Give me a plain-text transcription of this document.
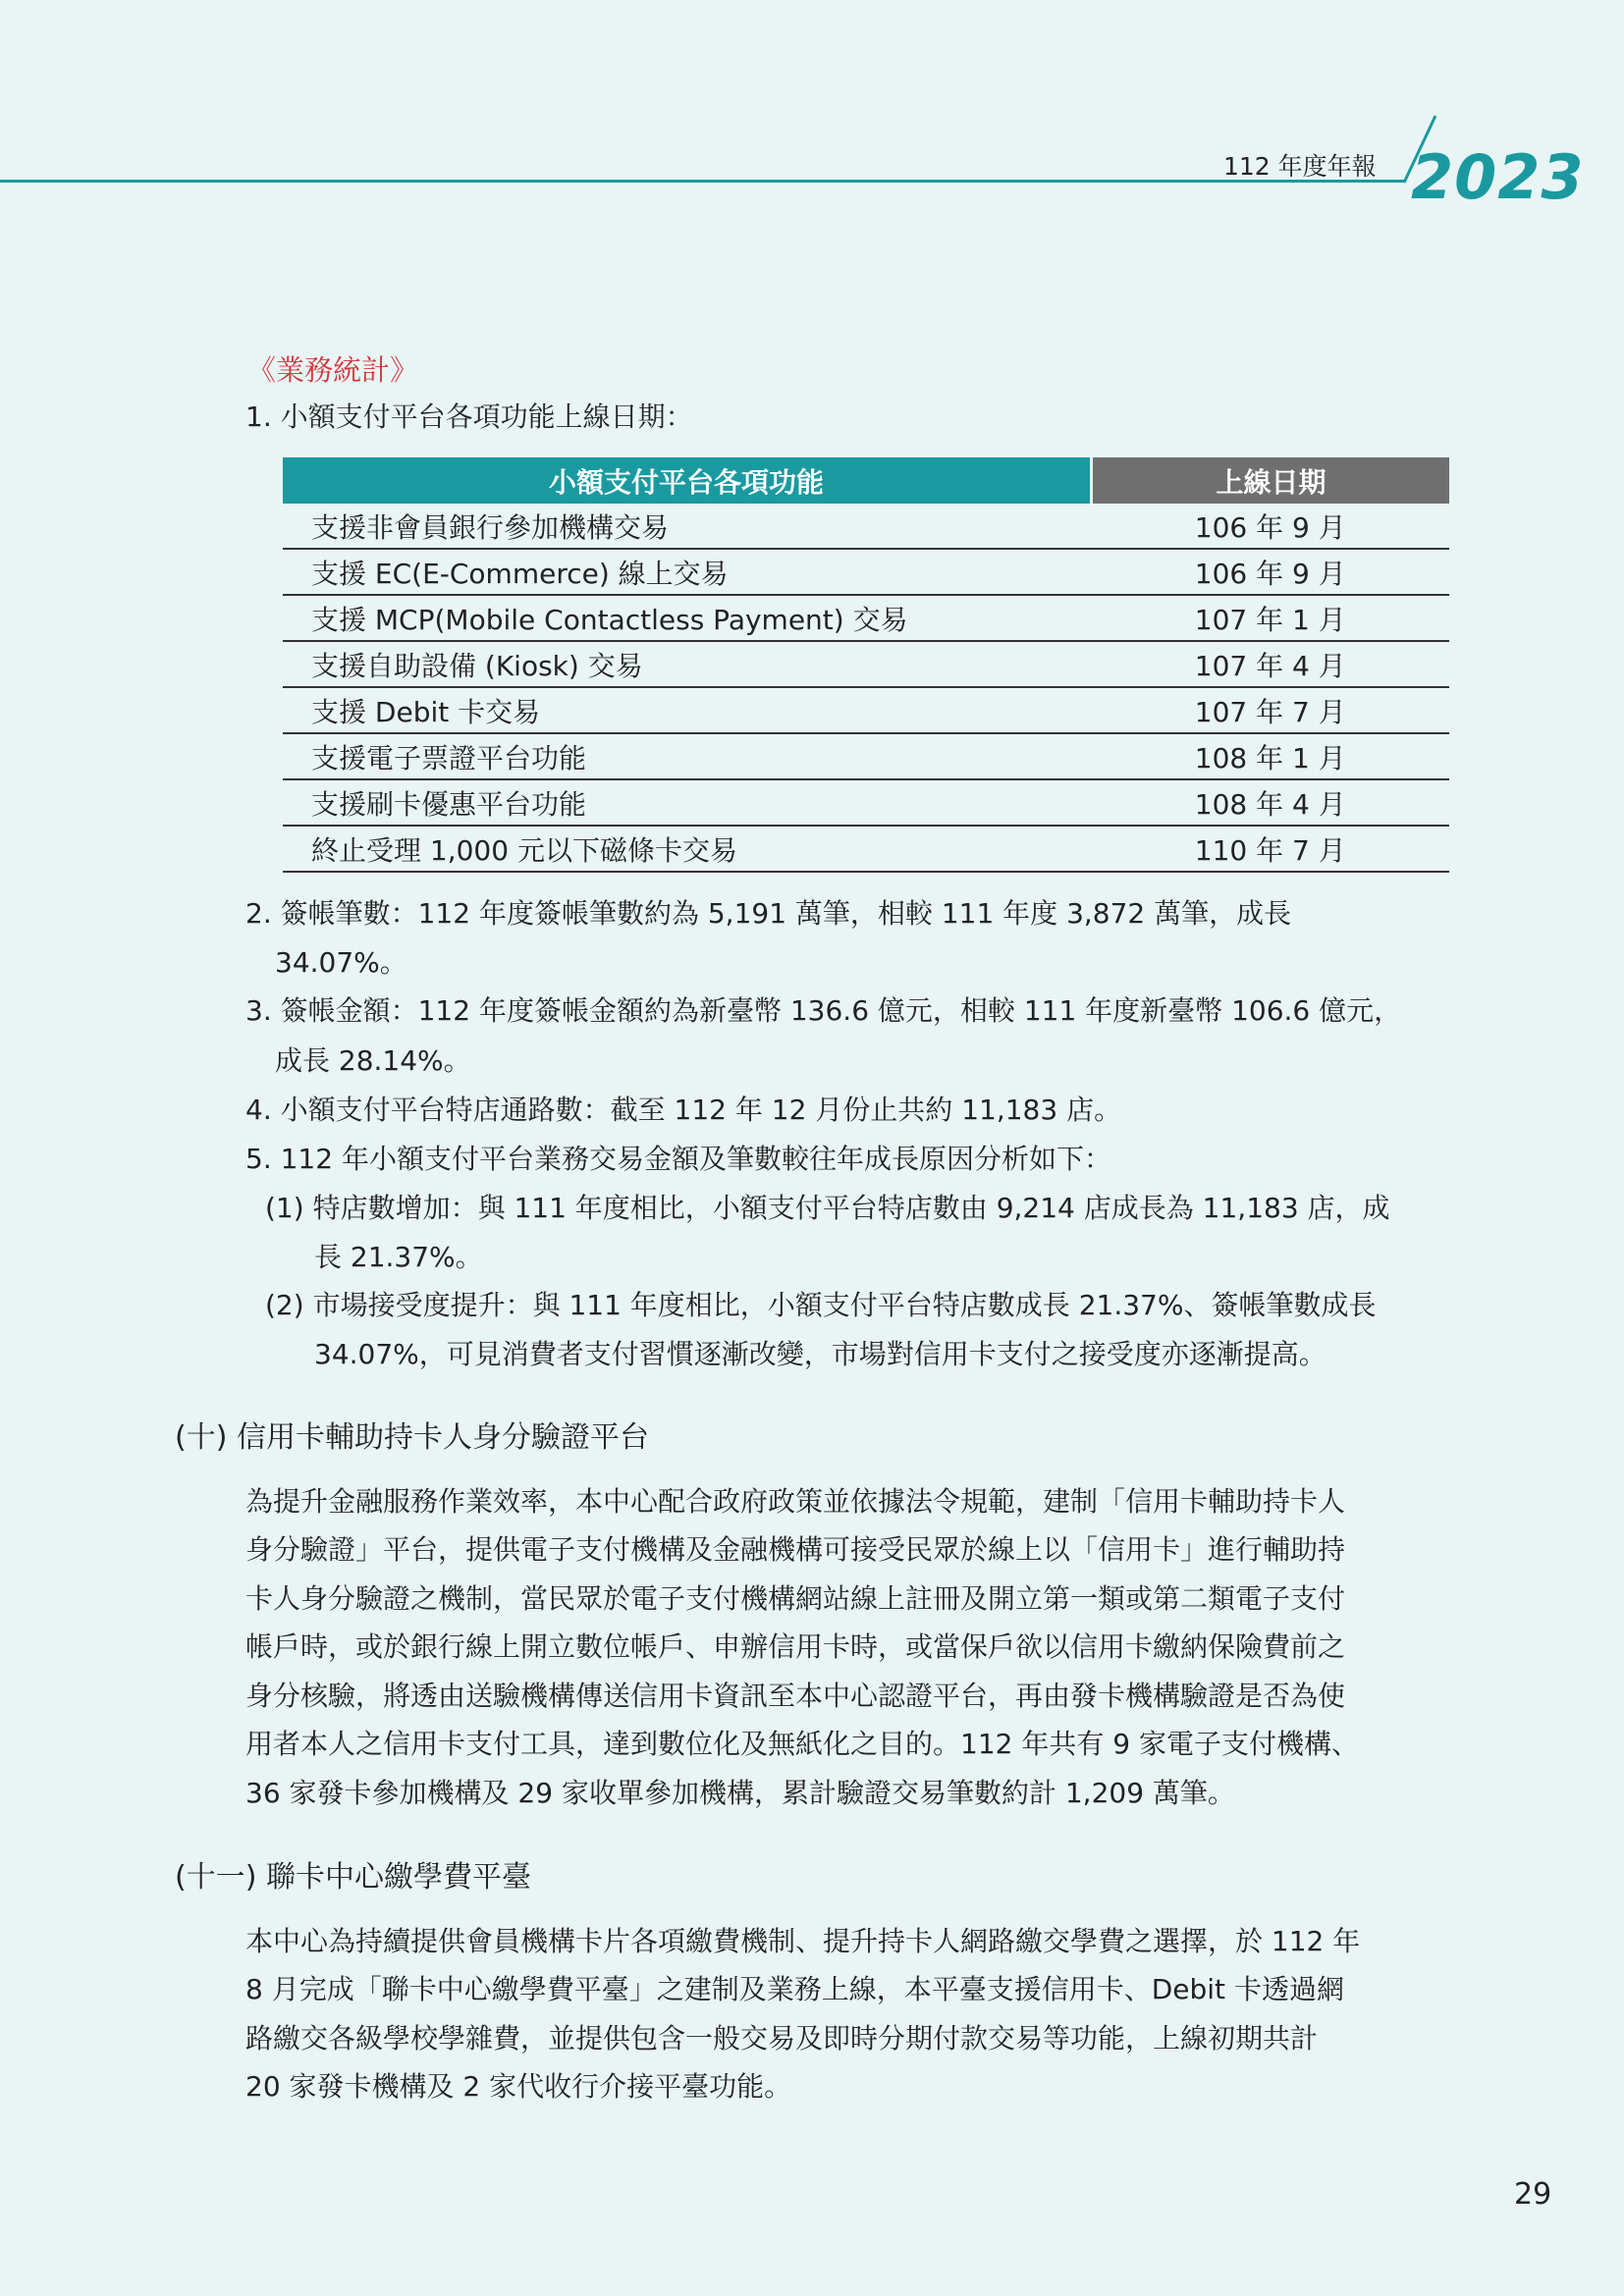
112 年度年報 2023
《業務統計》
1. 小額支付平台各項功能上線日期：
小額支付平台各項功能	上線日期
支援非會員銀行參加機構交易	106 年 9 月
支援 EC(E-Commerce) 線上交易	106 年 9 月
支援 MCP(Mobile Contactless Payment) 交易	107 年 1 月
支援自助設備 (Kiosk) 交易	107 年 4 月
支援 Debit 卡交易	107 年 7 月
支援電子票證平台功能	108 年 1 月
支援刷卡優惠平台功能	108 年 4 月
終止受理 1,000 元以下磁條卡交易	110 年 7 月
2. 簽帳筆數：112 年度簽帳筆數約為 5,191 萬筆，相較 111 年度 3,872 萬筆，成長
34.07%。
3. 簽帳金額：112 年度簽帳金額約為新臺幣 136.6 億元，相較 111 年度新臺幣 106.6 億元，
成長 28.14%。
4. 小額支付平台特店通路數：截至 112 年 12 月份止共約 11,183 店。
5. 112 年小額支付平台業務交易金額及筆數較往年成長原因分析如下：
(1) 特店數增加：與 111 年度相比，小額支付平台特店數由 9,214 店成長為 11,183 店，成
長 21.37%。
(2) 市場接受度提升：與 111 年度相比，小額支付平台特店數成長 21.37%、簽帳筆數成長
34.07%，可見消費者支付習慣逐漸改變，市場對信用卡支付之接受度亦逐漸提高。
(十) 信用卡輔助持卡人身分驗證平台
為提升金融服務作業效率，本中心配合政府政策並依據法令規範，建制「信用卡輔助持卡人
身分驗證」平台，提供電子支付機構及金融機構可接受民眾於線上以「信用卡」進行輔助持
卡人身分驗證之機制，當民眾於電子支付機構網站線上註冊及開立第一類或第二類電子支付
帳戶時，或於銀行線上開立數位帳戶、申辦信用卡時，或當保戶欲以信用卡繳納保險費前之
身分核驗，將透由送驗機構傳送信用卡資訊至本中心認證平台，再由發卡機構驗證是否為使
用者本人之信用卡支付工具，達到數位化及無紙化之目的。112 年共有 9 家電子支付機構、
36 家發卡參加機構及 29 家收單參加機構，累計驗證交易筆數約計 1,209 萬筆。
(十一) 聯卡中心繳學費平臺
本中心為持續提供會員機構卡片各項繳費機制、提升持卡人網路繳交學費之選擇，於 112 年
8 月完成「聯卡中心繳學費平臺」之建制及業務上線，本平臺支援信用卡、Debit 卡透過網
路繳交各級學校學雜費，並提供包含一般交易及即時分期付款交易等功能，上線初期共計
20 家發卡機構及 2 家代收行介接平臺功能。
29
